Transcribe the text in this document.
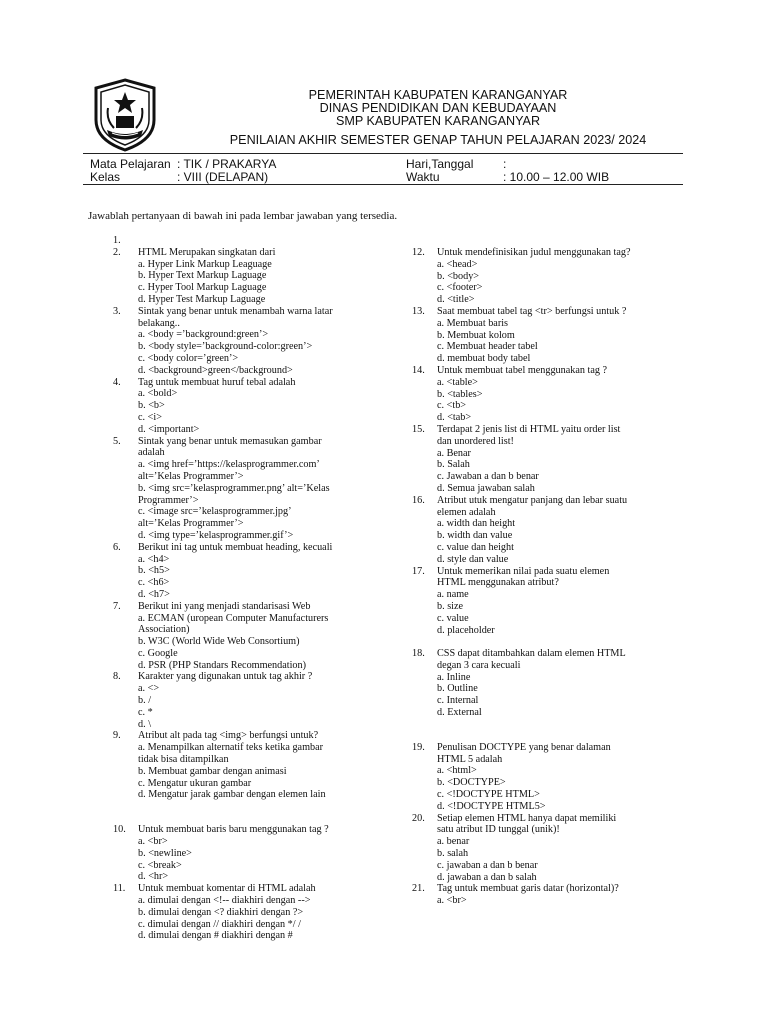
PEMERINTAH KABUPATEN KARANGANYAR
DINAS PENDIDIKAN DAN KEBUDAYAAN
SMP KABUPATEN KARANGANYAR
PENILAIAN AKHIR SEMESTER GENAP TAHUN PELAJARAN 2023/ 2024
Mata Pelajaran : TIK / PRAKARYA
Kelas	: VIII (DELAPAN)
Hari,Tanggal :
Waktu	: 10.00 – 12.00 WIB
Jawablah pertanyaan di bawah ini pada lembar jawaban yang tersedia.
1.

2. HTML Merupakan singkatan dari
a. Hyper Link Markup Leaguage
b. Hyper Text Markup Laguage
c. Hyper Tool Markup Laguage
d. Hyper Test Markup Laguage
3. Sintak yang benar untuk menambah warna latar
belakang..
a. <body =’background:green’>
b. <body style=’background-color:green’>
c. <body color=’green’>
d. <background>green</background>
4. Tag untuk membuat huruf tebal adalah
a. <bold>
b. <b>
c. <i>
d. <important>
5. Sintak yang benar untuk memasukan gambar
adalah
a. <img href=’https://kelasprogrammer.com’
alt=’Kelas Programmer’>
b. <img src=’kelasprogrammer.png’ alt=’Kelas
Programmer’>
c. <image src=’kelasprogrammer.jpg’
alt=’Kelas Programmer’>
d. <img type=’kelasprogrammer.gif’>
6. Berikut ini tag untuk membuat heading, kecuali
a. <h4>
b. <h5>
c. <h6>
d. <h7>
7. Berikut ini yang menjadi standarisasi Web
a. ECMAN (uropean Computer Manufacturers
Association)
b. W3C (World Wide Web Consortium)
c. Google
d. PSR (PHP Standars Recommendation)
8. Karakter yang digunakan untuk tag akhir ?
a. <>
b. /
c. *
d. \
9. Atribut alt pada tag <img> berfungsi untuk?
a. Menampilkan alternatif teks ketika gambar
tidak bisa ditampilkan
b. Membuat gambar dengan animasi
c. Mengatur ukuran gambar
d. Mengatur jarak gambar dengan elemen lain
10. Untuk membuat baris baru menggunakan tag ?
a. <br>
b. <newline>
c. <break>
d. <hr>
11. Untuk membuat komentar di HTML adalah
a. dimulai dengan <!-- diakhiri dengan -->
b. dimulai dengan <? diakhiri dengan ?>
c. dimulai dengan // diakhiri dengan */ /
d. dimulai dengan # diakhiri dengan #
12. Untuk mendefinisikan judul menggunakan tag?
a. <head>
b. <body>
c. <footer>
d. <title>
13. Saat membuat tabel tag <tr> berfungsi untuk ?
a. Membuat baris
b. Membuat kolom
c. Membuat header tabel
d. membuat body tabel
14. Untuk membuat tabel menggunakan tag ?
a. <table>
b. <tables>
c. <tb>
d. <tab>
15. Terdapat 2 jenis list di HTML yaitu order list
dan unordered list!
a. Benar
b. Salah
c. Jawaban a dan b benar
d. Semua jawaban salah
16. Atribut utuk mengatur panjang dan lebar suatu
elemen adalah
a. width dan height
b. width dan value
c. value dan height
d. style dan value
17. Untuk memerikan nilai pada suatu elemen
HTML menggunakan atribut?
a. name
b. size
c. value
d. placeholder
18. CSS dapat ditambahkan dalam elemen HTML
degan 3 cara kecuali
a. Inline
b. Outline
c. Internal
d. External
19. Penulisan DOCTYPE yang benar dalaman
HTML 5 adalah
a. <html>
b. <DOCTYPE>
c. <!DOCTYPE HTML>
d. <!DOCTYPE HTML5>
20. Setiap elemen HTML hanya dapat memiliki
satu atribut ID tunggal (unik)!
a. benar
b. salah
c. jawaban a dan b benar
d. jawaban a dan b salah
21. Tag untuk membuat garis datar (horizontal)?
a. <br>
